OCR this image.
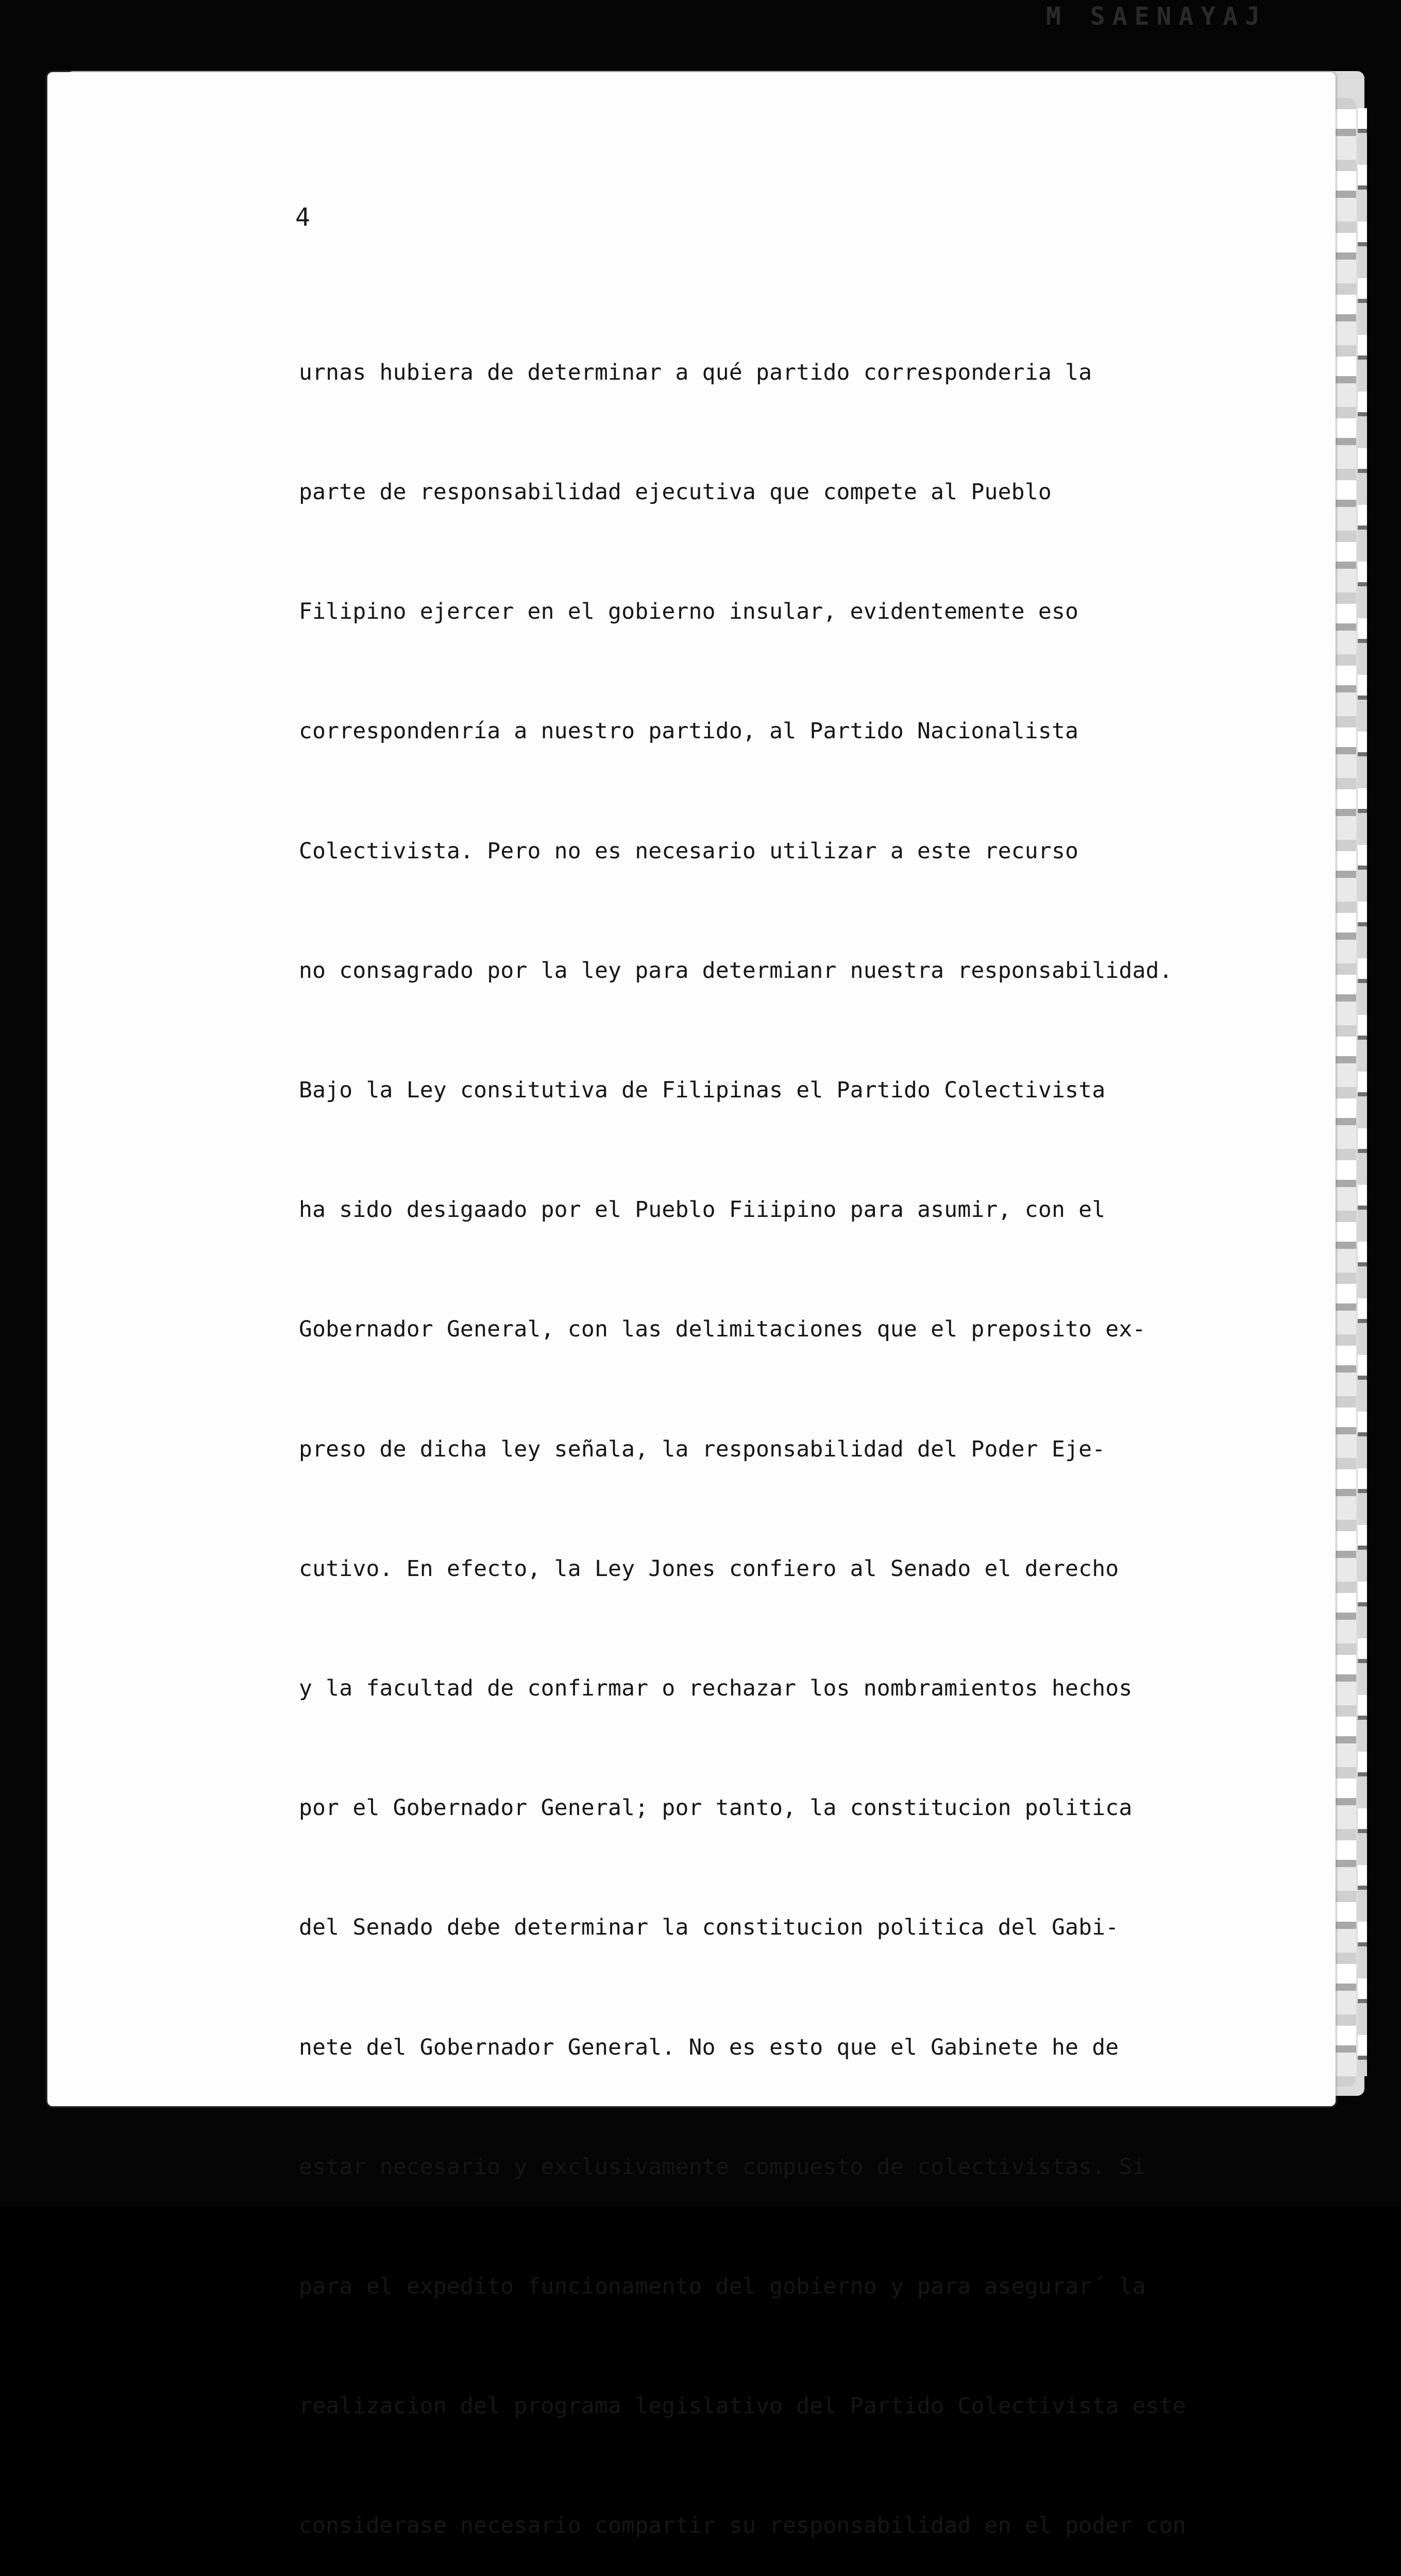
M SAENAYAJ
4

urnas hubiera de determinar a qué partido corresponderia la

parte de responsabilidad ejecutiva que compete al Pueblo

Filipino ejercer en el gobierno insular, evidentemente eso

correspondenría a nuestro partido, al Partido Nacionalista

Colectivista. Pero no es necesario utilizar a este recurso

no consagrado por la ley para determianr nuestra responsabilidad.

Bajo la Ley consitutiva de Filipinas el Partido Colectivista

ha sido desigaado por el Pueblo Fiiipino para asumir, con el

Gobernador General, con las delimitaciones que el preposito ex-

preso de dicha ley señala, la responsabilidad del Poder Eje-

cutivo. En efecto, la Ley Jones confiero al Senado el derecho

y la facultad de confirmar o rechazar los nombramientos hechos

por el Gobernador General; por tanto, la constitucion politica

del Senado debe determinar la constitucion politica del Gabi-

nete del Gobernador General. No es esto que el Gabinete he de

estar necesario y exclusivamente compuesto de colectivistas. Si

para el expedito funcionamento del gobierno y para asegurar´ la

realizacion del programa legislativo del Partido Colectivista este

considerase necesario compartir su responsabilidad en el poder con
